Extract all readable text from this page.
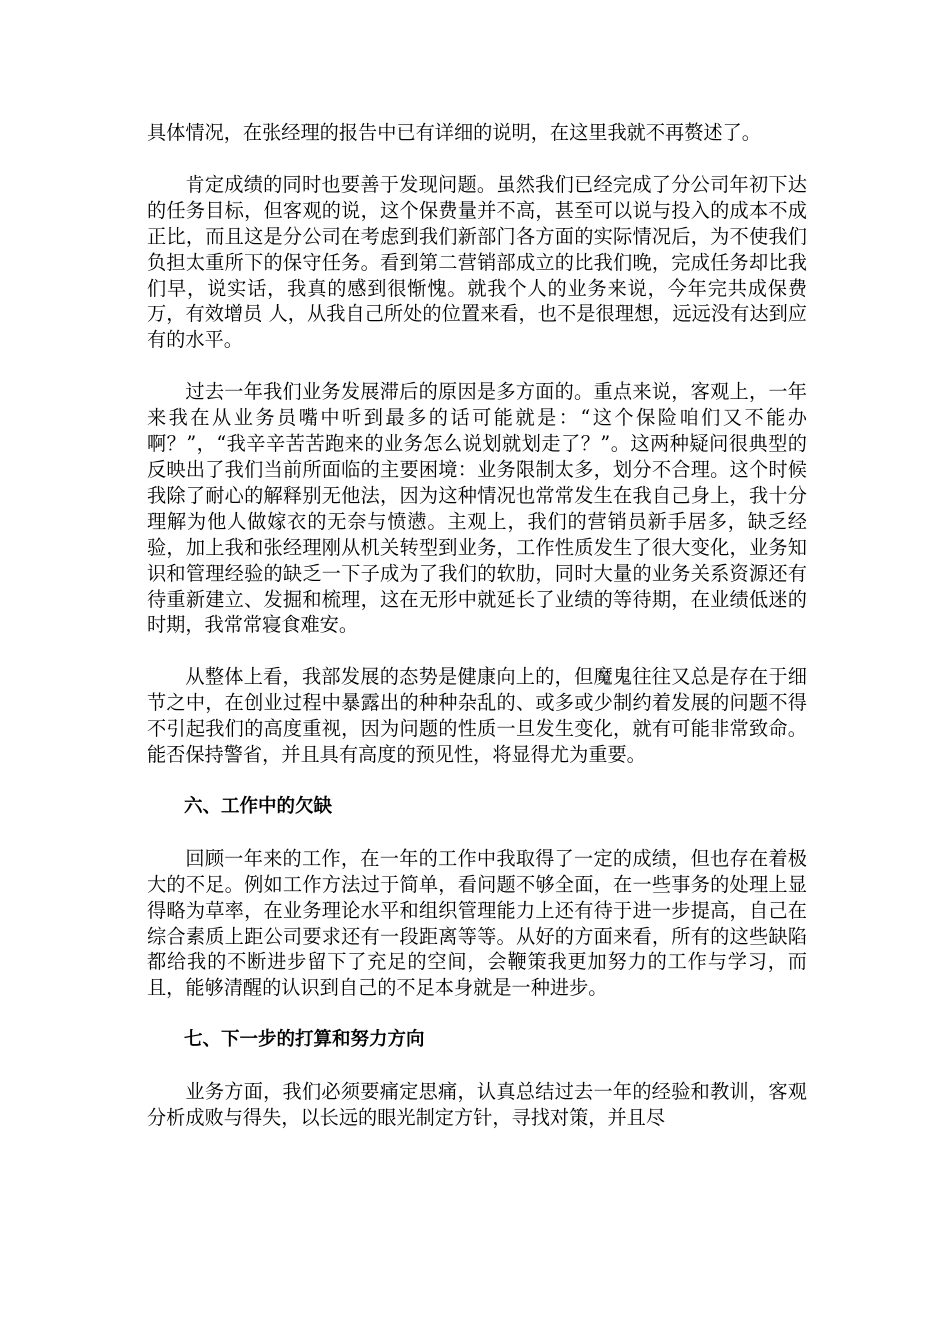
具体情况，在张经理的报告中已有详细的说明，在这里我就不再赘述了。

肯定成绩的同时也要善于发现问题。虽然我们已经完成了分公司年初下达的任务目标，但客观的说，这个保费量并不高，甚至可以说与投入的成本不成正比，而且这是分公司在考虑到我们新部门各方面的实际情况后，为不使我们负担太重所下的保守任务。看到第二营销部成立的比我们晚，完成任务却比我们早，说实话，我真的感到很惭愧。就我个人的业务来说，今年完共成保费 万，有效增员 人，从我自己所处的位置来看，也不是很理想，远远没有达到应有的水平。

过去一年我们业务发展滞后的原因是多方面的。重点来说，客观上，一年来我在从业务员嘴中听到最多的话可能就是：“这个保险咱们又不能办啊？”，“我辛辛苦苦跑来的业务怎么说划就划走了？”。这两种疑问很典型的反映出了我们当前所面临的主要困境：业务限制太多，划分不合理。这个时候我除了耐心的解释别无他法，因为这种情况也常常发生在我自己身上，我十分理解为他人做嫁衣的无奈与愤懑。主观上，我们的营销员新手居多，缺乏经验，加上我和张经理刚从机关转型到业务，工作性质发生了很大变化，业务知识和管理经验的缺乏一下子成为了我们的软肋，同时大量的业务关系资源还有待重新建立、发掘和梳理，这在无形中就延长了业绩的等待期，在业绩低迷的时期，我常常寝食难安。

从整体上看，我部发展的态势是健康向上的，但魔鬼往往又总是存在于细节之中，在创业过程中暴露出的种种杂乱的、或多或少制约着发展的问题不得不引起我们的高度重视，因为问题的性质一旦发生变化，就有可能非常致命。能否保持警省，并且具有高度的预见性，将显得尤为重要。

六、工作中的欠缺

回顾一年来的工作，在一年的工作中我取得了一定的成绩，但也存在着极大的不足。例如工作方法过于简单，看问题不够全面，在一些事务的处理上显得略为草率，在业务理论水平和组织管理能力上还有待于进一步提高，自己在综合素质上距公司要求还有一段距离等等。从好的方面来看，所有的这些缺陷都给我的不断进步留下了充足的空间，会鞭策我更加努力的工作与学习，而且，能够清醒的认识到自己的不足本身就是一种进步。

七、下一步的打算和努力方向

业务方面，我们必须要痛定思痛，认真总结过去一年的经验和教训，客观分析成败与得失，以长远的眼光制定方针，寻找对策，并且尽
